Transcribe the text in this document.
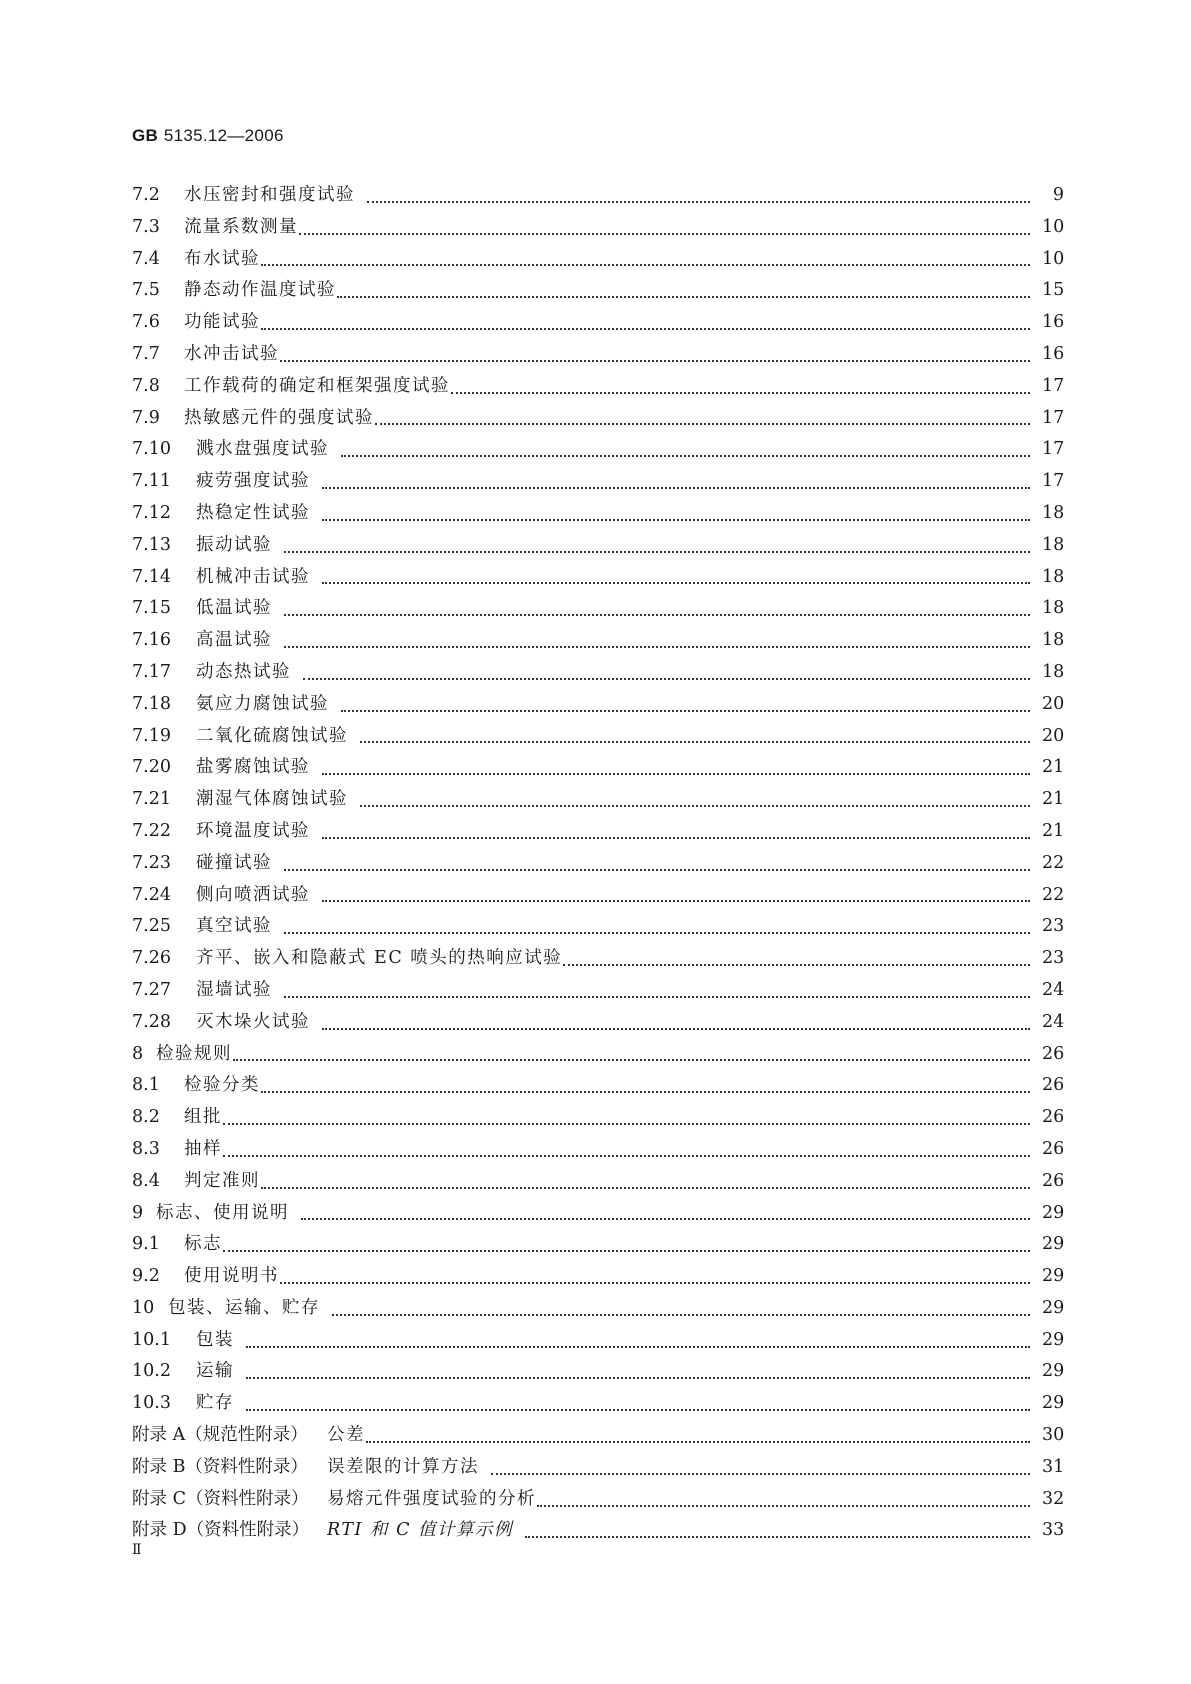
GB 5135.12—2006
7.2	水压密封和强度试验	9
7.3	流量系数测量	10
7.4	布水试验	10
7.5	静态动作温度试验	15
7.6	功能试验	16
7.7	水冲击试验	16
7.8	工作载荷的确定和框架强度试验	17
7.9	热敏感元件的强度试验	17
7.10	溅水盘强度试验	17
7.11	疲劳强度试验	17
7.12	热稳定性试验	18
7.13	振动试验	18
7.14	机械冲击试验	18
7.15	低温试验	18
7.16	高温试验	18
7.17	动态热试验	18
7.18	氨应力腐蚀试验	20
7.19	二氧化硫腐蚀试验	20
7.20	盐雾腐蚀试验	21
7.21	潮湿气体腐蚀试验	21
7.22	环境温度试验	21
7.23	碰撞试验	22
7.24	侧向喷洒试验	22
7.25	真空试验	23
7.26	齐平、嵌入和隐蔽式 EC 喷头的热响应试验	23
7.27	湿墙试验	24
7.28	灭木垛火试验	24
8 检验规则	26
8.1	检验分类	26
8.2	组批	26
8.3	抽样	26
8.4	判定准则	26
9 标志、使用说明	29
9.1	标志	29
9.2	使用说明书	29
10 包装、运输、贮存	29
10.1	包装	29
10.2	运输	29
10.3	贮存	29
附录 A（规范性附录）	公差	30
附录 B（资料性附录）	误差限的计算方法	31
附录 C（资料性附录）	易熔元件强度试验的分析	32
附录 D（资料性附录）	RTI 和 C 值计算示例	33
Ⅱ
